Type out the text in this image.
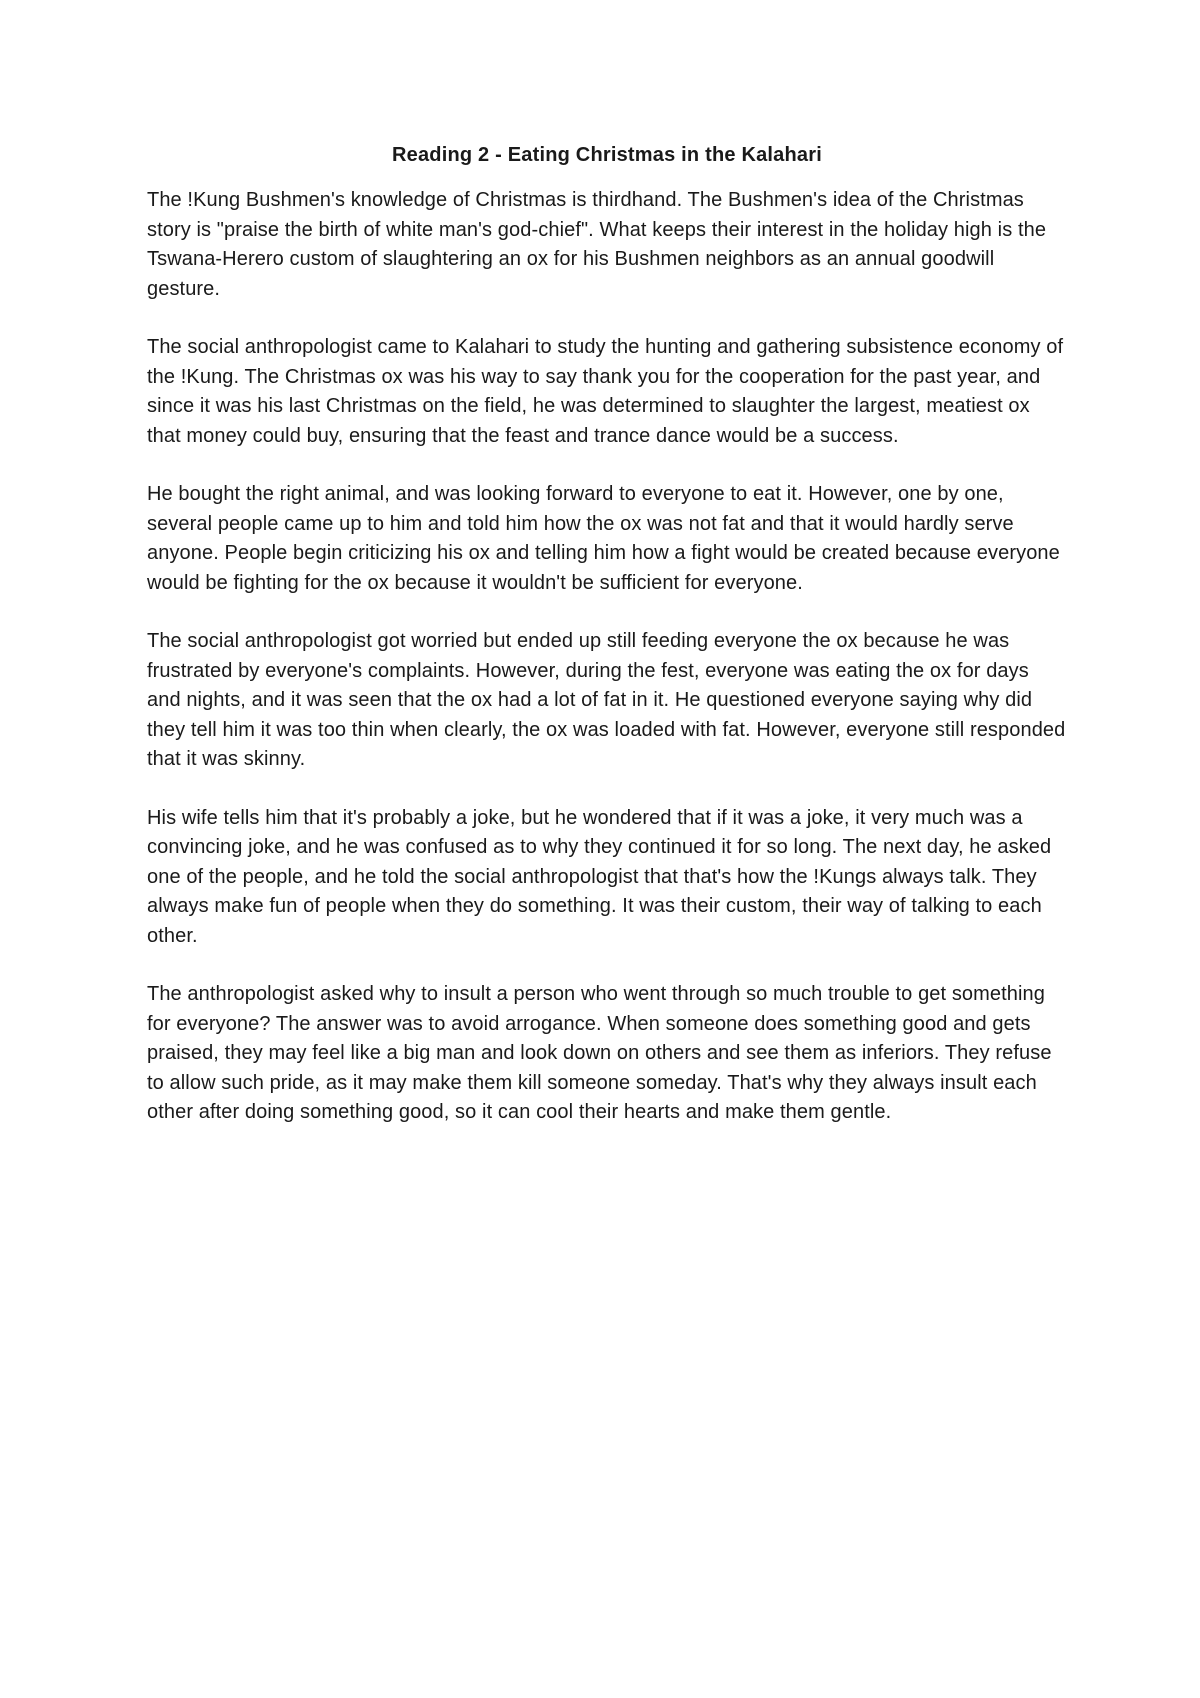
Reading 2 - Eating Christmas in the Kalahari

The !Kung Bushmen's knowledge of Christmas is thirdhand. The Bushmen's idea of the Christmas story is "praise the birth of white man's god-chief". What keeps their interest in the holiday high is the Tswana-Herero custom of slaughtering an ox for his Bushmen neighbors as an annual goodwill gesture.

The social anthropologist came to Kalahari to study the hunting and gathering subsistence economy of the !Kung. The Christmas ox was his way to say thank you for the cooperation for the past year, and since it was his last Christmas on the field, he was determined to slaughter the largest, meatiest ox that money could buy, ensuring that the feast and trance dance would be a success.

He bought the right animal, and was looking forward to everyone to eat it. However, one by one, several people came up to him and told him how the ox was not fat and that it would hardly serve anyone. People begin criticizing his ox and telling him how a fight would be created because everyone would be fighting for the ox because it wouldn't be sufficient for everyone.

The social anthropologist got worried but ended up still feeding everyone the ox because he was frustrated by everyone's complaints. However, during the fest, everyone was eating the ox for days and nights, and it was seen that the ox had a lot of fat in it. He questioned everyone saying why did they tell him it was too thin when clearly, the ox was loaded with fat. However, everyone still responded that it was skinny.

His wife tells him that it's probably a joke, but he wondered that if it was a joke, it very much was a convincing joke, and he was confused as to why they continued it for so long. The next day, he asked one of the people, and he told the social anthropologist that that's how the !Kungs always talk. They always make fun of people when they do something. It was their custom, their way of talking to each other.

The anthropologist asked why to insult a person who went through so much trouble to get something for everyone? The answer was to avoid arrogance. When someone does something good and gets praised, they may feel like a big man and look down on others and see them as inferiors. They refuse to allow such pride, as it may make them kill someone someday. That's why they always insult each other after doing something good, so it can cool their hearts and make them gentle.
